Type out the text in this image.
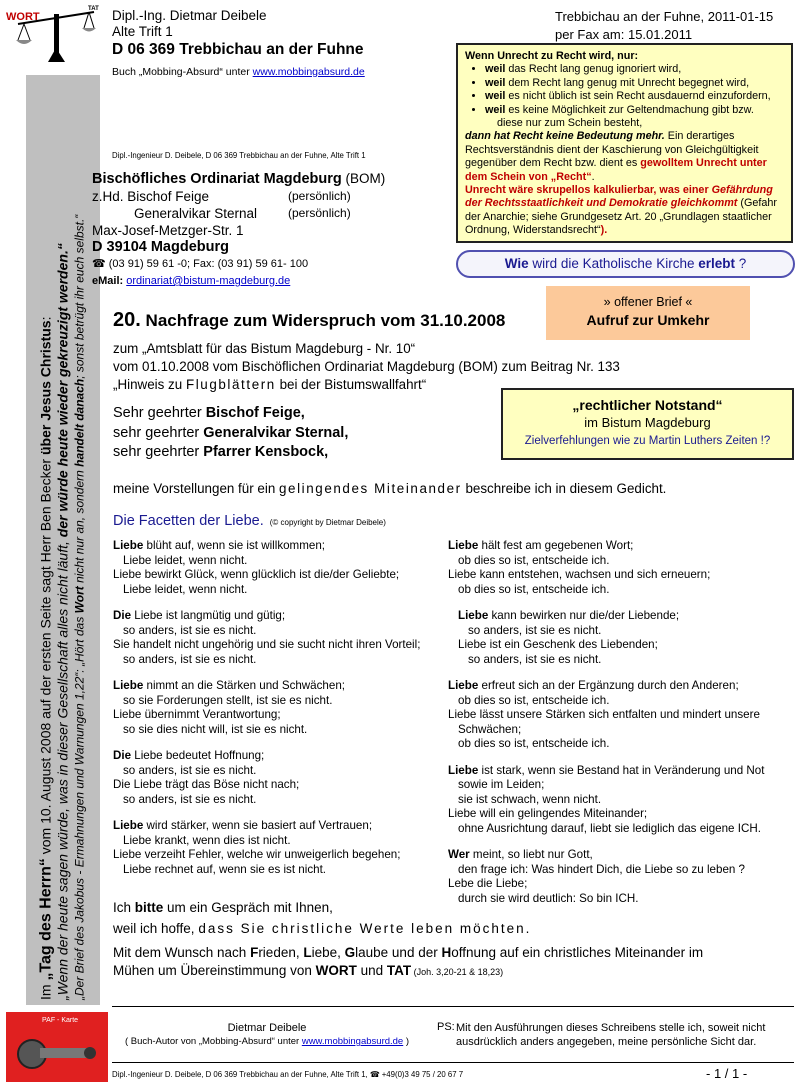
WORT
TAT
Im „Tag des Herrn“ vom 10. August 2008 auf der ersten Seite sagt Herr Ben Becker über Jesus Christus:
„Wenn der heute sagen würde, was in dieser Gesellschaft alles nicht läuft, der würde heute wieder gekreuzigt werden.“
„Der Brief des Jakobus - Ermahnungen und Warnungen 1,22“: „Hört das Wort nicht nur an, sondern handelt danach; sonst betrügt ihr euch selbst.“
PAF - Karte
Dipl.-Ing. Dietmar Deibele
Alte Trift 1
D 06 369 Trebbichau an der Fuhne
Buch „Mobbing-Absurd“ unter www.mobbingabsurd.de
Trebbichau an der Fuhne, 2011-01-15
per Fax am: 15.01.2011
Wenn Unrecht zu Recht wird, nur:
• weil das Recht lang genug ignoriert wird,
• weil dem Recht lang genug mit Unrecht begegnet wird,
• weil es nicht üblich ist sein Recht ausdauernd einzufordern,
• weil es keine Möglichkeit zur Geltendmachung gibt bzw.
diese nur zum Schein besteht,
dann hat Recht keine Bedeutung mehr. Ein derartiges Rechtsverständnis dient der Kaschierung von Gleichgültigkeit gegenüber dem Recht bzw. dient es gewolltem Unrecht unter dem Schein von „Recht“.
Unrecht wäre skrupellos kalkulierbar, was einer Gefährdung der Rechtsstaatlichkeit und Demokratie gleichkommt (Gefahr der Anarchie; siehe Grundgesetz Art. 20 „Grundlagen staatlicher Ordnung, Widerstandsrecht“).
Dipl.-Ingenieur D. Deibele, D 06 369 Trebbichau an der Fuhne, Alte Trift 1
Bischöfliches Ordinariat Magdeburg (BOM)
z.Hd. Bischof Feige	(persönlich)
Generalvikar Sternal	(persönlich)
Max-Josef-Metzger-Str. 1
D 39104 Magdeburg
☎ (03 91) 59 61 -0; Fax: (03 91) 59 61- 100
eMail: ordinariat@bistum-magdeburg.de
Wie wird die Katholische Kirche erlebt ?
» offener Brief «
Aufruf zur Umkehr
20. Nachfrage zum Widerspruch vom 31.10.2008
zum „Amtsblatt für das Bistum Magdeburg - Nr. 10“
vom 01.10.2008 vom Bischöflichen Ordinariat Magdeburg (BOM) zum Beitrag Nr. 133
„Hinweis zu Flugblättern bei der Bistumswallfahrt“
„rechtlicher Notstand“
im Bistum Magdeburg
Zielverfehlungen wie zu Martin Luthers Zeiten !?
Sehr geehrter Bischof Feige,
sehr geehrter Generalvikar Sternal,
sehr geehrter Pfarrer Kensbock,
meine Vorstellungen für ein gelingendes Miteinander beschreibe ich in diesem Gedicht.
Die Facetten der Liebe. (© copyright by Dietmar Deibele)
Liebe blüht auf, wenn sie ist willkommen;
Liebe leidet, wenn nicht.
Liebe bewirkt Glück, wenn glücklich ist die/der Geliebte;
Liebe leidet, wenn nicht.
Die Liebe ist langmütig und gütig;
so anders, ist sie es nicht.
Sie handelt nicht ungehörig und sie sucht nicht ihren Vorteil;
so anders, ist sie es nicht.
Liebe nimmt an die Stärken und Schwächen;
so sie Forderungen stellt, ist sie es nicht.
Liebe übernimmt Verantwortung;
so sie dies nicht will, ist sie es nicht.
Die Liebe bedeutet Hoffnung;
so anders, ist sie es nicht.
Die Liebe trägt das Böse nicht nach;
so anders, ist sie es nicht.
Liebe wird stärker, wenn sie basiert auf Vertrauen;
Liebe krankt, wenn dies ist nicht.
Liebe verzeiht Fehler, welche wir unweigerlich begehen;
Liebe rechnet auf, wenn sie es ist nicht.
Liebe hält fest am gegebenen Wort;
ob dies so ist, entscheide ich.
Liebe kann entstehen, wachsen und sich erneuern;
ob dies so ist, entscheide ich.
Liebe kann bewirken nur die/der Liebende;
so anders, ist sie es nicht.
Liebe ist ein Geschenk des Liebenden;
so anders, ist sie es nicht.
Liebe erfreut sich an der Ergänzung durch den Anderen;
ob dies so ist, entscheide ich.
Liebe lässt unsere Stärken sich entfalten und mindert unsere
Schwächen;
ob dies so ist, entscheide ich.
Liebe ist stark, wenn sie Bestand hat in Veränderung und Not
sowie im Leiden;
sie ist schwach, wenn nicht.
Liebe will ein gelingendes Miteinander;
ohne Ausrichtung darauf, liebt sie lediglich das eigene ICH.
Wer meint, so liebt nur Gott,
den frage ich: Was hindert Dich, die Liebe so zu leben ?
Lebe die Liebe;
durch sie wird deutlich: So bin ICH.
Ich bitte um ein Gespräch mit Ihnen,
weil ich hoffe, dass Sie christliche Werte leben möchten.
Mit dem Wunsch nach Frieden, Liebe, Glaube und der Hoffnung auf ein christliches Miteinander im
Mühen um Übereinstimmung von WORT und TAT (Joh. 3,20-21 & 18,23)
Dietmar Deibele
( Buch-Autor von „Mobbing-Absurd“ unter www.mobbingabsurd.de )
PS: Mit den Ausführungen dieses Schreibens stelle ich, soweit nicht ausdrücklich anders angegeben, meine persönliche Sicht dar.
Dipl.-Ingenieur D. Deibele, D 06 369 Trebbichau an der Fuhne, Alte Trift 1, ☎ +49(0)3 49 75 / 20 67 7	- 1 / 1 -
